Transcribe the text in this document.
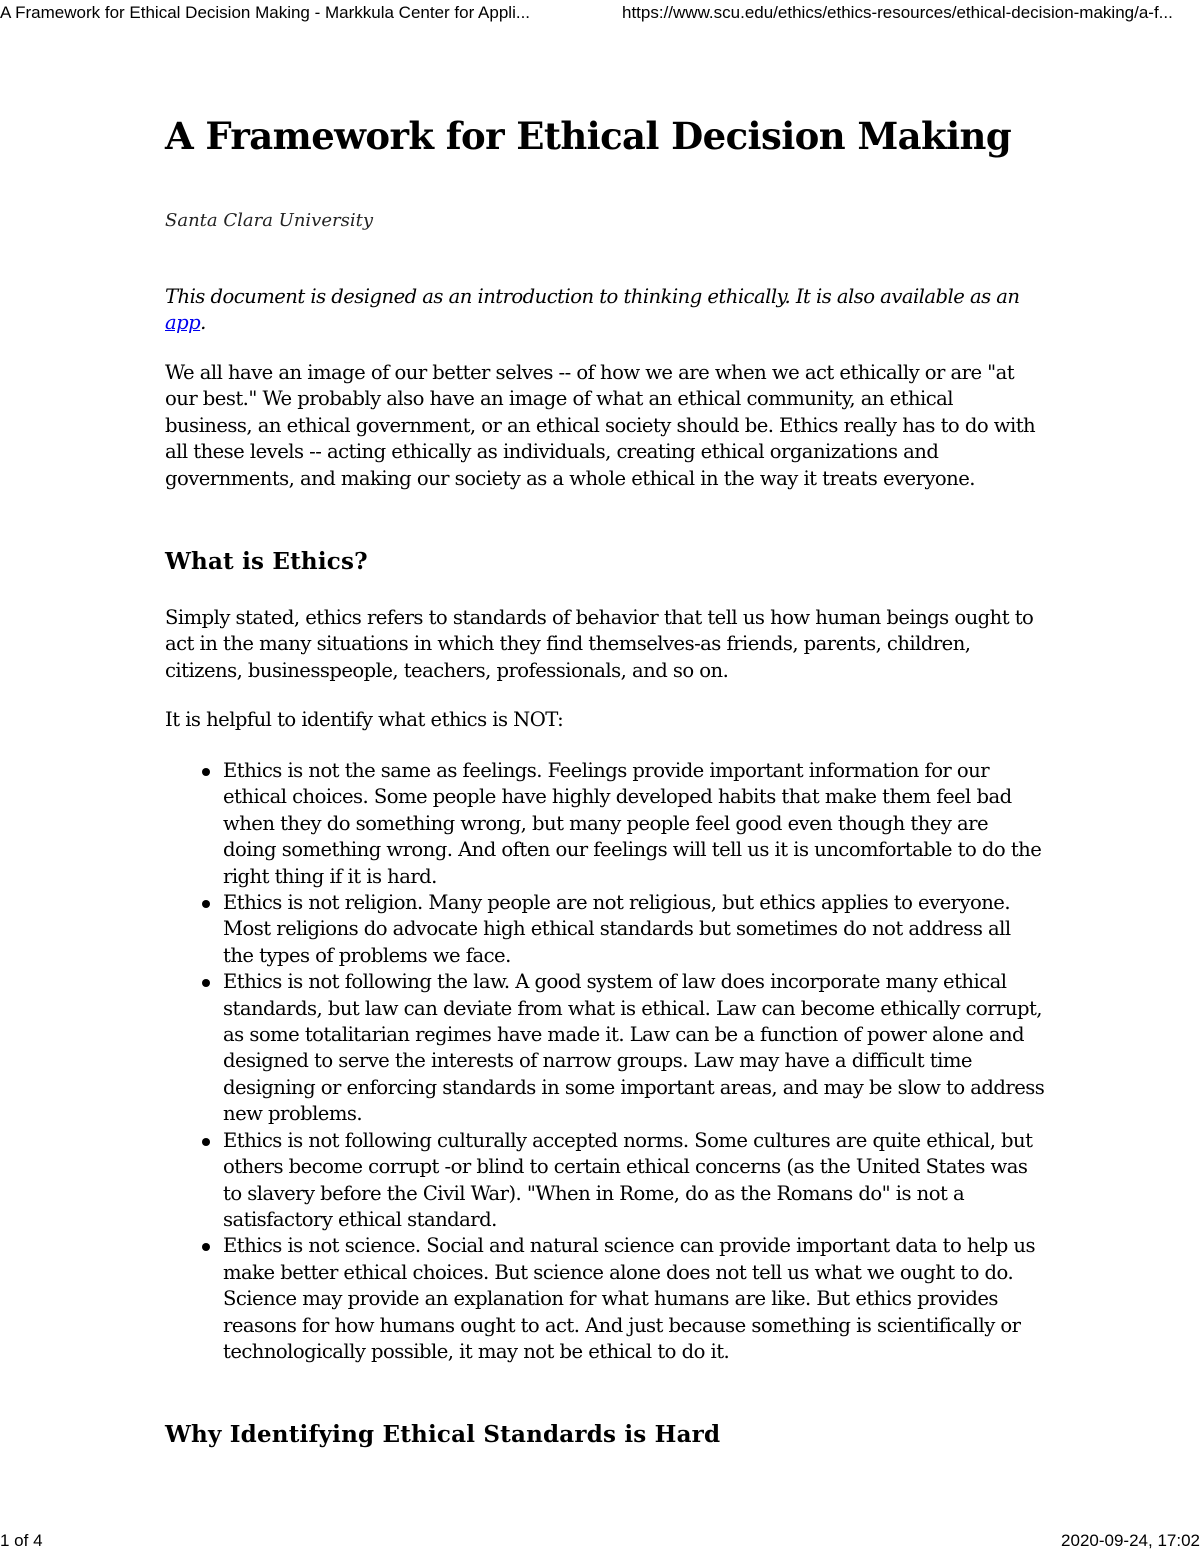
A Framework for Ethical Decision Making - Markkula Center for Appli...	https://www.scu.edu/ethics/ethics-resources/ethical-decision-making/a-f...
A Framework for Ethical Decision Making

Santa Clara University

This document is designed as an introduction to thinking ethically. It is also available as an app.

We all have an image of our better selves -- of how we are when we act ethically or are "at our best." We probably also have an image of what an ethical community, an ethical business, an ethical government, or an ethical society should be. Ethics really has to do with all these levels -- acting ethically as individuals, creating ethical organizations and governments, and making our society as a whole ethical in the way it treats everyone.

What is Ethics?

Simply stated, ethics refers to standards of behavior that tell us how human beings ought to act in the many situations in which they find themselves-as friends, parents, children, citizens, businesspeople, teachers, professionals, and so on.

It is helpful to identify what ethics is NOT:

Ethics is not the same as feelings. Feelings provide important information for our ethical choices. Some people have highly developed habits that make them feel bad when they do something wrong, but many people feel good even though they are doing something wrong. And often our feelings will tell us it is uncomfortable to do the right thing if it is hard.
Ethics is not religion. Many people are not religious, but ethics applies to everyone. Most religions do advocate high ethical standards but sometimes do not address all the types of problems we face.
Ethics is not following the law. A good system of law does incorporate many ethical standards, but law can deviate from what is ethical. Law can become ethically corrupt, as some totalitarian regimes have made it. Law can be a function of power alone and designed to serve the interests of narrow groups. Law may have a difficult time designing or enforcing standards in some important areas, and may be slow to address new problems.
Ethics is not following culturally accepted norms. Some cultures are quite ethical, but others become corrupt -or blind to certain ethical concerns (as the United States was to slavery before the Civil War). "When in Rome, do as the Romans do" is not a satisfactory ethical standard.
Ethics is not science. Social and natural science can provide important data to help us make better ethical choices. But science alone does not tell us what we ought to do. Science may provide an explanation for what humans are like. But ethics provides reasons for how humans ought to act. And just because something is scientifically or technologically possible, it may not be ethical to do it.
Why Identifying Ethical Standards is Hard
1 of 4	2020-09-24, 17:02
